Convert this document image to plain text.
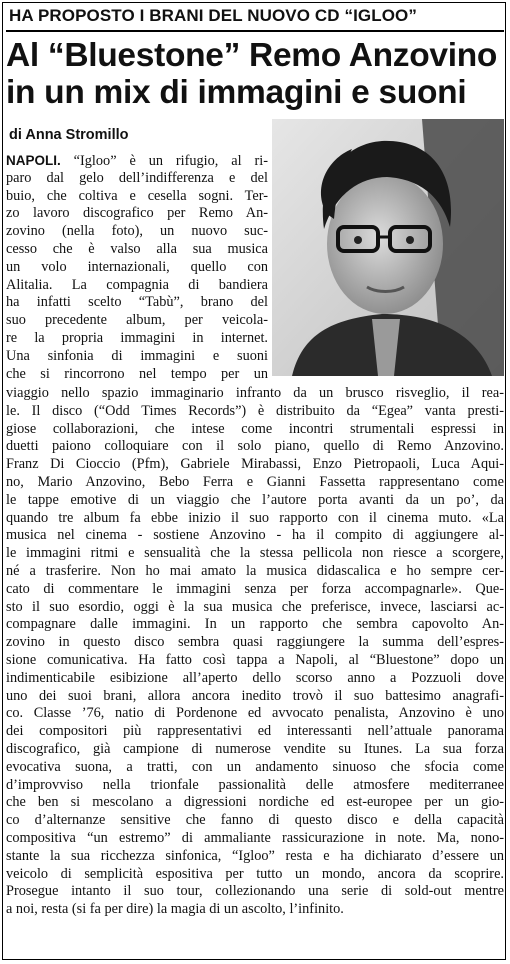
HA PROPOSTO I BRANI DEL NUOVO CD “IGLOO”
Al “Bluestone” Remo Anzovino
in un mix di immagini e suoni
di Anna Stromillo
NAPOLI. “Igloo” è un rifugio, al ri-
paro dal gelo dell’indifferenza e del
buio, che coltiva e cesella sogni. Ter-
zo lavoro discografico per Remo An-
zovino (nella foto), un nuovo suc-
cesso che è valso alla sua musica
un volo internazionali, quello con
Alitalia. La compagnia di bandiera
ha infatti scelto “Tabù”, brano del
suo precedente album, per veicola-
re la propria immagini in internet.
Una sinfonia di immagini e suoni
che si rincorrono nel tempo per un
viaggio nello spazio immaginario infranto da un brusco risveglio, il rea-
le. Il disco (“Odd Times Records”) è distribuito da “Egea” vanta presti-
giose collaborazioni, che intese come incontri strumentali espressi in
duetti paiono colloquiare con il solo piano, quello di Remo Anzovino.
Franz Di Cioccio (Pfm), Gabriele Mirabassi, Enzo Pietropaoli, Luca Aqui-
no, Mario Anzovino, Bebo Ferra e Gianni Fassetta rappresentano come
le tappe emotive di un viaggio che l’autore porta avanti da un po’, da
quando tre album fa ebbe inizio il suo rapporto con il cinema muto. «La
musica nel cinema - sostiene Anzovino - ha il compito di aggiungere al-
le immagini ritmi e sensualità che la stessa pellicola non riesce a scorgere,
né a trasferire. Non ho mai amato la musica didascalica e ho sempre cer-
cato di commentare le immagini senza per forza accompagnarle». Que-
sto il suo esordio, oggi è la sua musica che preferisce, invece, lasciarsi ac-
compagnare dalle immagini. In un rapporto che sembra capovolto An-
zovino in questo disco sembra quasi raggiungere la summa dell’espres-
sione comunicativa. Ha fatto così tappa a Napoli, al “Bluestone” dopo un
indimenticabile esibizione all’aperto dello scorso anno a Pozzuoli dove
uno dei suoi brani, allora ancora inedito trovò il suo battesimo anagrafi-
co. Classe ’76, natio di Pordenone ed avvocato penalista, Anzovino è uno
dei compositori più rappresentativi ed interessanti nell’attuale panorama
discografico, già campione di numerose vendite su Itunes. La sua forza
evocativa suona, a tratti, con un andamento sinuoso che sfocia come
d’improvviso nella trionfale passionalità delle atmosfere mediterranee
che ben si mescolano a digressioni nordiche ed est-europee per un gio-
co d’alternanze sensitive che fanno di questo disco e della capacità
compositiva “un estremo” di ammaliante rassicurazione in note. Ma, nono-
stante la sua ricchezza sinfonica, “Igloo” resta e ha dichiarato d’essere un
veicolo di semplicità espositiva per tutto un mondo, ancora da scoprire.
Prosegue intanto il suo tour, collezionando una serie di sold-out mentre
a noi, resta (si fa per dire) la magia di un ascolto, l’infinito.
